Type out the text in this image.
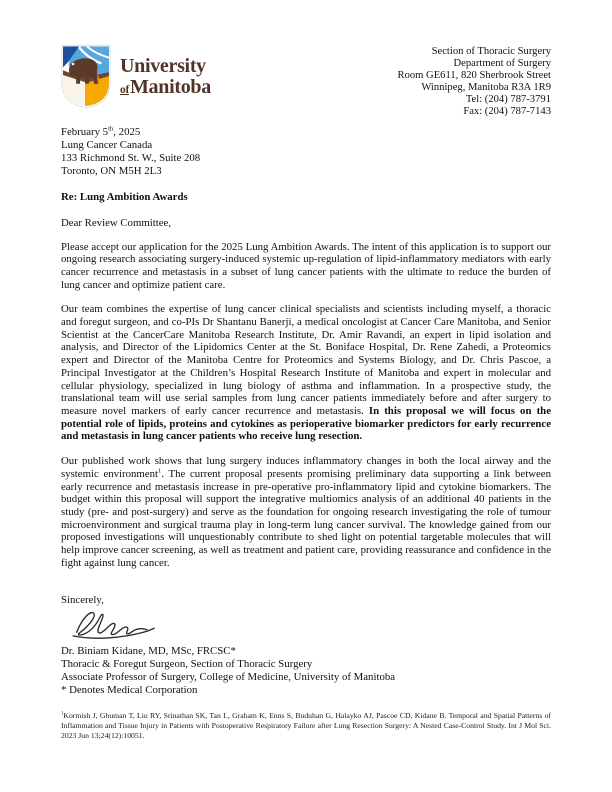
University
ofManitoba
Section of Thoracic Surgery
Department of Surgery
Room GE611, 820 Sherbrook Street
Winnipeg, Manitoba R3A 1R9
Tel: (204) 787-3791
Fax: (204) 787-7143
February 5th, 2025
Lung Cancer Canada
133 Richmond St. W., Suite 208
Toronto, ON M5H 2L3
Re: Lung Ambition Awards
Dear Review Committee,

Please accept our application for the 2025 Lung Ambition Awards. The intent of this application is to support our ongoing research associating surgery-induced systemic up-regulation of lipid-inflammatory mediators with early cancer recurrence and metastasis in a subset of lung cancer patients with the ultimate to reduce the burden of lung cancer and optimize patient care.

Our team combines the expertise of lung cancer clinical specialists and scientists including myself, a thoracic and foregut surgeon, and co-PIs Dr Shantanu Banerji, a medical oncologist at Cancer Care Manitoba, and Senior Scientist at the CancerCare Manitoba Research Institute, Dr. Amir Ravandi, an expert in lipid isolation and analysis, and Director of the Lipidomics Center at the St. Boniface Hospital, Dr. Rene Zahedi, a Proteomics expert and Director of the Manitoba Centre for Proteomics and Systems Biology, and Dr. Chris Pascoe, a Principal Investigator at the Children’s Hospital Research Institute of Manitoba and expert in molecular and cellular physiology, specialized in lung biology of asthma and inflammation. In a prospective study, the translational team will use serial samples from lung cancer patients immediately before and after surgery to measure novel markers of early cancer recurrence and metastasis. In this proposal we will focus on the potential role of lipids, proteins and cytokines as perioperative biomarker predictors for early recurrence and metastasis in lung cancer patients who receive lung resection.

Our published work shows that lung surgery induces inflammatory changes in both the local airway and the systemic environment$^1$. The current proposal presents promising preliminary data supporting a link between early recurrence and metastasis increase in pre-operative pro-inflammatory lipid and cytokine biomarkers. The budget within this proposal will support the integrative multiomics analysis of an additional 40 patients in the study (pre- and post-surgery) and serve as the foundation for ongoing research investigating the role of tumour microenvironment and surgical trauma play in long-term lung cancer survival. The knowledge gained from our proposed investigations will unquestionably contribute to shed light on potential targetable molecules that will help improve cancer screening, as well as treatment and patient care, providing reassurance and confidence in the fight against lung cancer.

Sincerely,
Dr. Biniam Kidane, MD, MSc, FRCSC*
Thoracic & Foregut Surgeon, Section of Thoracic Surgery
Associate Professor of Surgery, College of Medicine, University of Manitoba
* Denotes Medical Corporation
$^1$Kormish J, Ghuman T, Liu RY, Srinathan SK, Tan L, Graham K, Enns S, Buduhan G, Halayko AJ, Pascoe CD, Kidane B. Temporal and Spatial Patterns of Inflammation and Tissue Injury in Patients with Postoperative Respiratory Failure after Lung Resection Surgery: A Nested Case-Control Study. Int J Mol Sci. 2023 Jun 13;24(12):10051.
